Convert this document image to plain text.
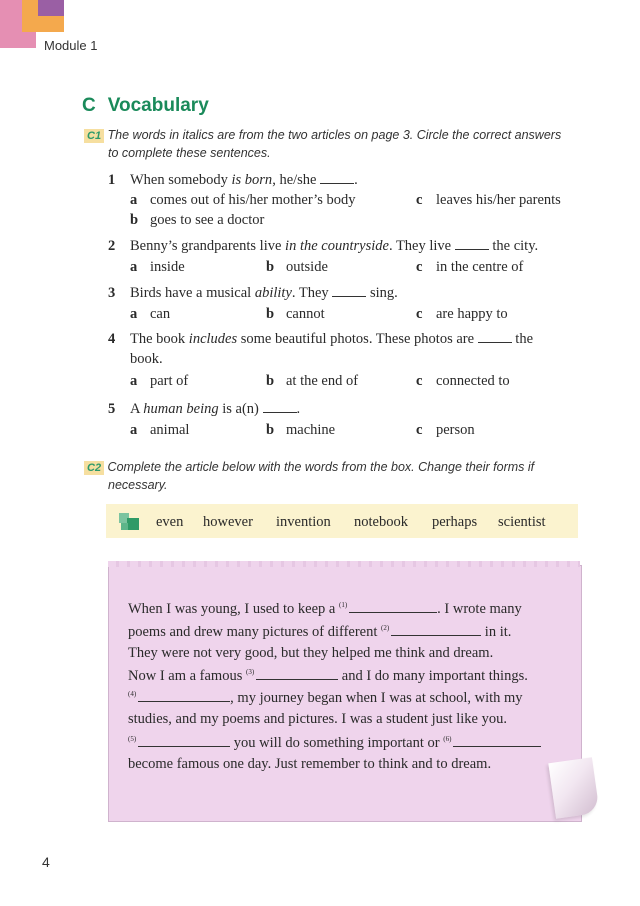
Module 1
C Vocabulary
C1 The words in italics are from the two articles on page 3. Circle the correct answers
to complete these sentences.
1 When somebody is born, he/she	.
a comes out of his/her mother’s body
b goes to see a doctor
c leaves his/her parents
2 Benny’s grandparents live in the countryside. They live	the city.
a inside	b outside	c in the centre of
3 Birds have a musical ability. They	sing.
a can	b cannot	c are happy to
4 The book includes some beautiful photos. These photos are	the
book.
a part of	b at the end of	c connected to
5 A human being is a(n)	.
a animal	b machine	c person
C2 Complete the article below with the words from the box. Change their forms if
necessary.
even however invention notebook perhaps scientist
When I was young, I used to keep a $^{(1)}$	. I wrote many
poems and drew many pictures of different $^{(2)}$	in it.
They were not very good, but they helped me think and dream.
Now I am a famous $^{(3)}$	and I do many important things.
$^{(4)}$	, my journey began when I was at school, with my
studies, and my poems and pictures. I was a student just like you.
$^{(5)}$	you will do something important or $^{(6)}$
become famous one day. Just remember to think and to dream.
4
